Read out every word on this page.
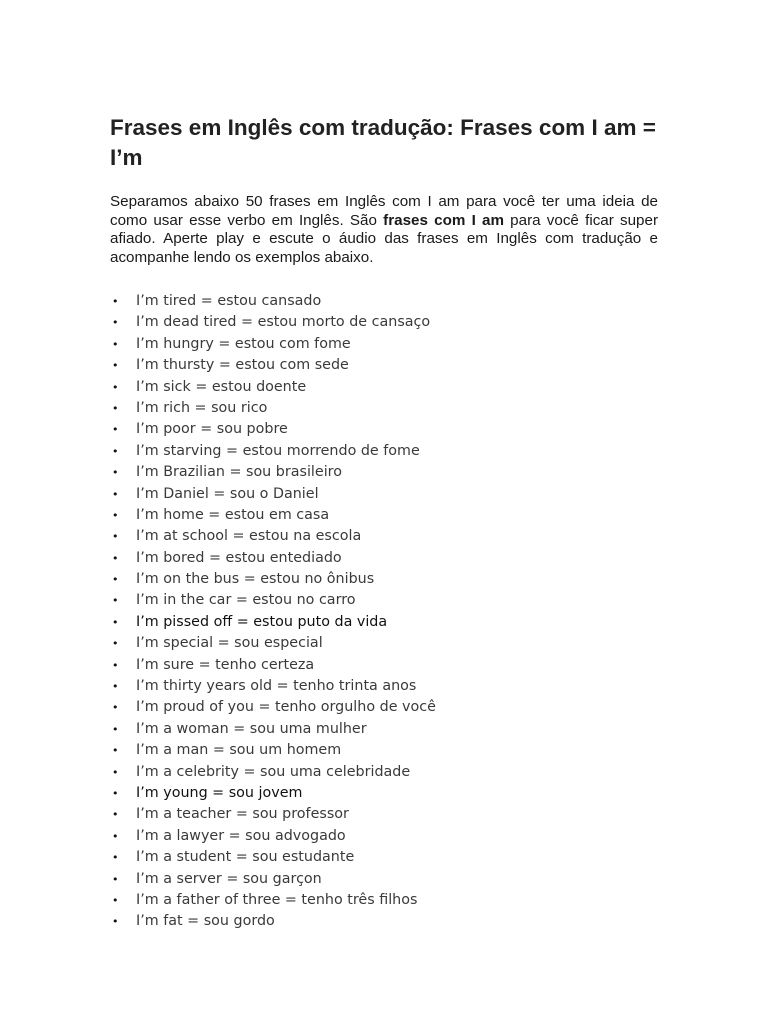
Frases em Inglês com tradução: Frases com I am = I’m

Separamos abaixo 50 frases em Inglês com I am para você ter uma ideia de como usar esse verbo em Inglês. São frases com I am para você ficar super afiado. Aperte play e escute o áudio das frases em Inglês com tradução e acompanhe lendo os exemplos abaixo.

• I’m tired = estou cansado
• I’m dead tired = estou morto de cansaço
• I’m hungry = estou com fome
• I’m thursty = estou com sede
• I’m sick = estou doente
• I’m rich = sou rico
• I’m poor = sou pobre
• I’m starving = estou morrendo de fome
• I’m Brazilian = sou brasileiro
• I’m Daniel = sou o Daniel
• I’m home = estou em casa
• I’m at school = estou na escola
• I’m bored = estou entediado
• I’m on the bus = estou no ônibus
• I’m in the car = estou no carro
• I’m pissed off = estou puto da vida
• I’m special = sou especial
• I’m sure = tenho certeza
• I’m thirty years old = tenho trinta anos
• I’m proud of you = tenho orgulho de você
• I’m a woman = sou uma mulher
• I’m a man = sou um homem
• I’m a celebrity = sou uma celebridade
• I’m young = sou jovem
• I’m a teacher = sou professor
• I’m a lawyer = sou advogado
• I’m a student = sou estudante
• I’m a server = sou garçon
• I’m a father of three = tenho três filhos
• I’m fat = sou gordo
